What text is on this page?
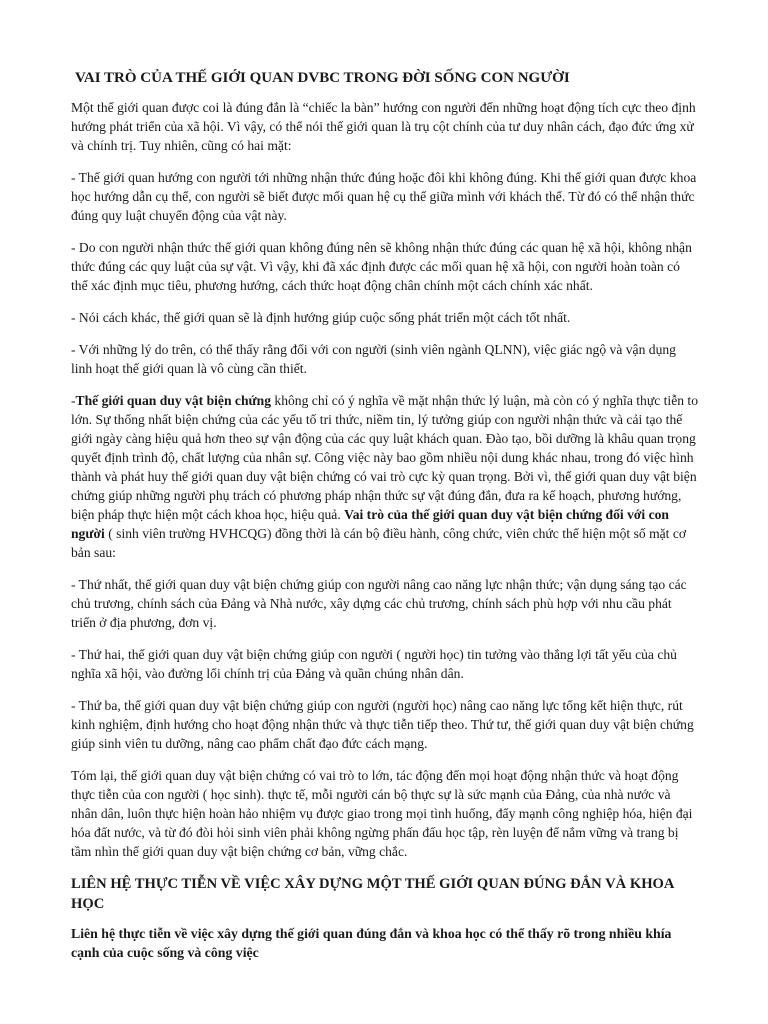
VAI TRÒ CỦA THẾ GIỚI QUAN DVBC TRONG ĐỜI SỐNG CON NGƯỜI

Một thế giới quan được coi là đúng đắn là “chiếc la bàn” hướng con người đến những hoạt động tích cực theo định hướng phát triển của xã hội. Vì vậy, có thể nói thế giới quan là trụ cột chính của tư duy nhân cách, đạo đức ứng xử và chính trị. Tuy nhiên, cũng có hai mặt:

- Thế giới quan hướng con người tới những nhận thức đúng hoặc đôi khi không đúng. Khi thế giới quan được khoa học hướng dẫn cụ thể, con người sẽ biết được mối quan hệ cụ thể giữa mình với khách thể. Từ đó có thể nhận thức đúng quy luật chuyển động của vật này.

- Do con người nhận thức thế giới quan không đúng nên sẽ không nhận thức đúng các quan hệ xã hội, không nhận thức đúng các quy luật của sự vật. Vì vậy, khi đã xác định được các mối quan hệ xã hội, con người hoàn toàn có thể xác định mục tiêu, phương hướng, cách thức hoạt động chân chính một cách chính xác nhất.

- Nói cách khác, thế giới quan sẽ là định hướng giúp cuộc sống phát triển một cách tốt nhất.

- Với những lý do trên, có thể thấy rằng đối với con người (sinh viên ngành QLNN), việc giác ngộ và vận dụng linh hoạt thế giới quan là vô cùng cần thiết.

-Thế giới quan duy vật biện chứng không chỉ có ý nghĩa về mặt nhận thức lý luận, mà còn có ý nghĩa thực tiễn to lớn. Sự thống nhất biện chứng của các yếu tố tri thức, niềm tin, lý tưởng giúp con người nhận thức và cải tạo thế giới ngày càng hiệu quả hơn theo sự vận động của các quy luật khách quan. Đào tạo, bồi dưỡng là khâu quan trọng quyết định trình độ, chất lượng của nhân sự. Công việc này bao gồm nhiều nội dung khác nhau, trong đó việc hình thành và phát huy thế giới quan duy vật biện chứng có vai trò cực kỳ quan trọng. Bởi vì, thế giới quan duy vật biện chứng giúp những người phụ trách có phương pháp nhận thức sự vật đúng đắn, đưa ra kế hoạch, phương hướng, biện pháp thực hiện một cách khoa học, hiệu quả. Vai trò của thế giới quan duy vật biện chứng đối với con người ( sinh viên trường HVHCQG) đồng thời là cán bộ điều hành, công chức, viên chức thể hiện một số mặt cơ bản sau:

- Thứ nhất, thế giới quan duy vật biện chứng giúp con người nâng cao năng lực nhận thức; vận dụng sáng tạo các chủ trương, chính sách của Đảng và Nhà nước, xây dựng các chủ trương, chính sách phù hợp với nhu cầu phát triển ở địa phương, đơn vị.

- Thứ hai, thế giới quan duy vật biện chứng giúp con người ( người học) tin tưởng vào thắng lợi tất yếu của chủ nghĩa xã hội, vào đường lối chính trị của Đảng và quần chúng nhân dân.

- Thứ ba, thế giới quan duy vật biện chứng giúp con người (người học) nâng cao năng lực tổng kết hiện thực, rút kinh nghiệm, định hướng cho hoạt động nhận thức và thực tiễn tiếp theo. Thứ tư, thế giới quan duy vật biện chứng giúp sinh viên tu dưỡng, nâng cao phẩm chất đạo đức cách mạng.

Tóm lại, thế giới quan duy vật biện chứng có vai trò to lớn, tác động đến mọi hoạt động nhận thức và hoạt động thực tiễn của con người ( học sinh). thực tế, mỗi người cán bộ thực sự là sức mạnh của Đảng, của nhà nước và nhân dân, luôn thực hiện hoàn hảo nhiệm vụ được giao trong mọi tình huống, đẩy mạnh công nghiệp hóa, hiện đại hóa đất nước, và từ đó đòi hỏi sinh viên phải không ngừng phấn đấu học tập, rèn luyện để nắm vững và trang bị tầm nhìn thế giới quan duy vật biện chứng cơ bản, vững chắc.

LIÊN HỆ THỰC TIỄN VỀ VIỆC XÂY DỰNG MỘT THẾ GIỚI QUAN ĐÚNG ĐẮN VÀ KHOA HỌC

Liên hệ thực tiễn về việc xây dựng thế giới quan đúng đắn và khoa học có thể thấy rõ trong nhiều khía cạnh của cuộc sống và công việc
